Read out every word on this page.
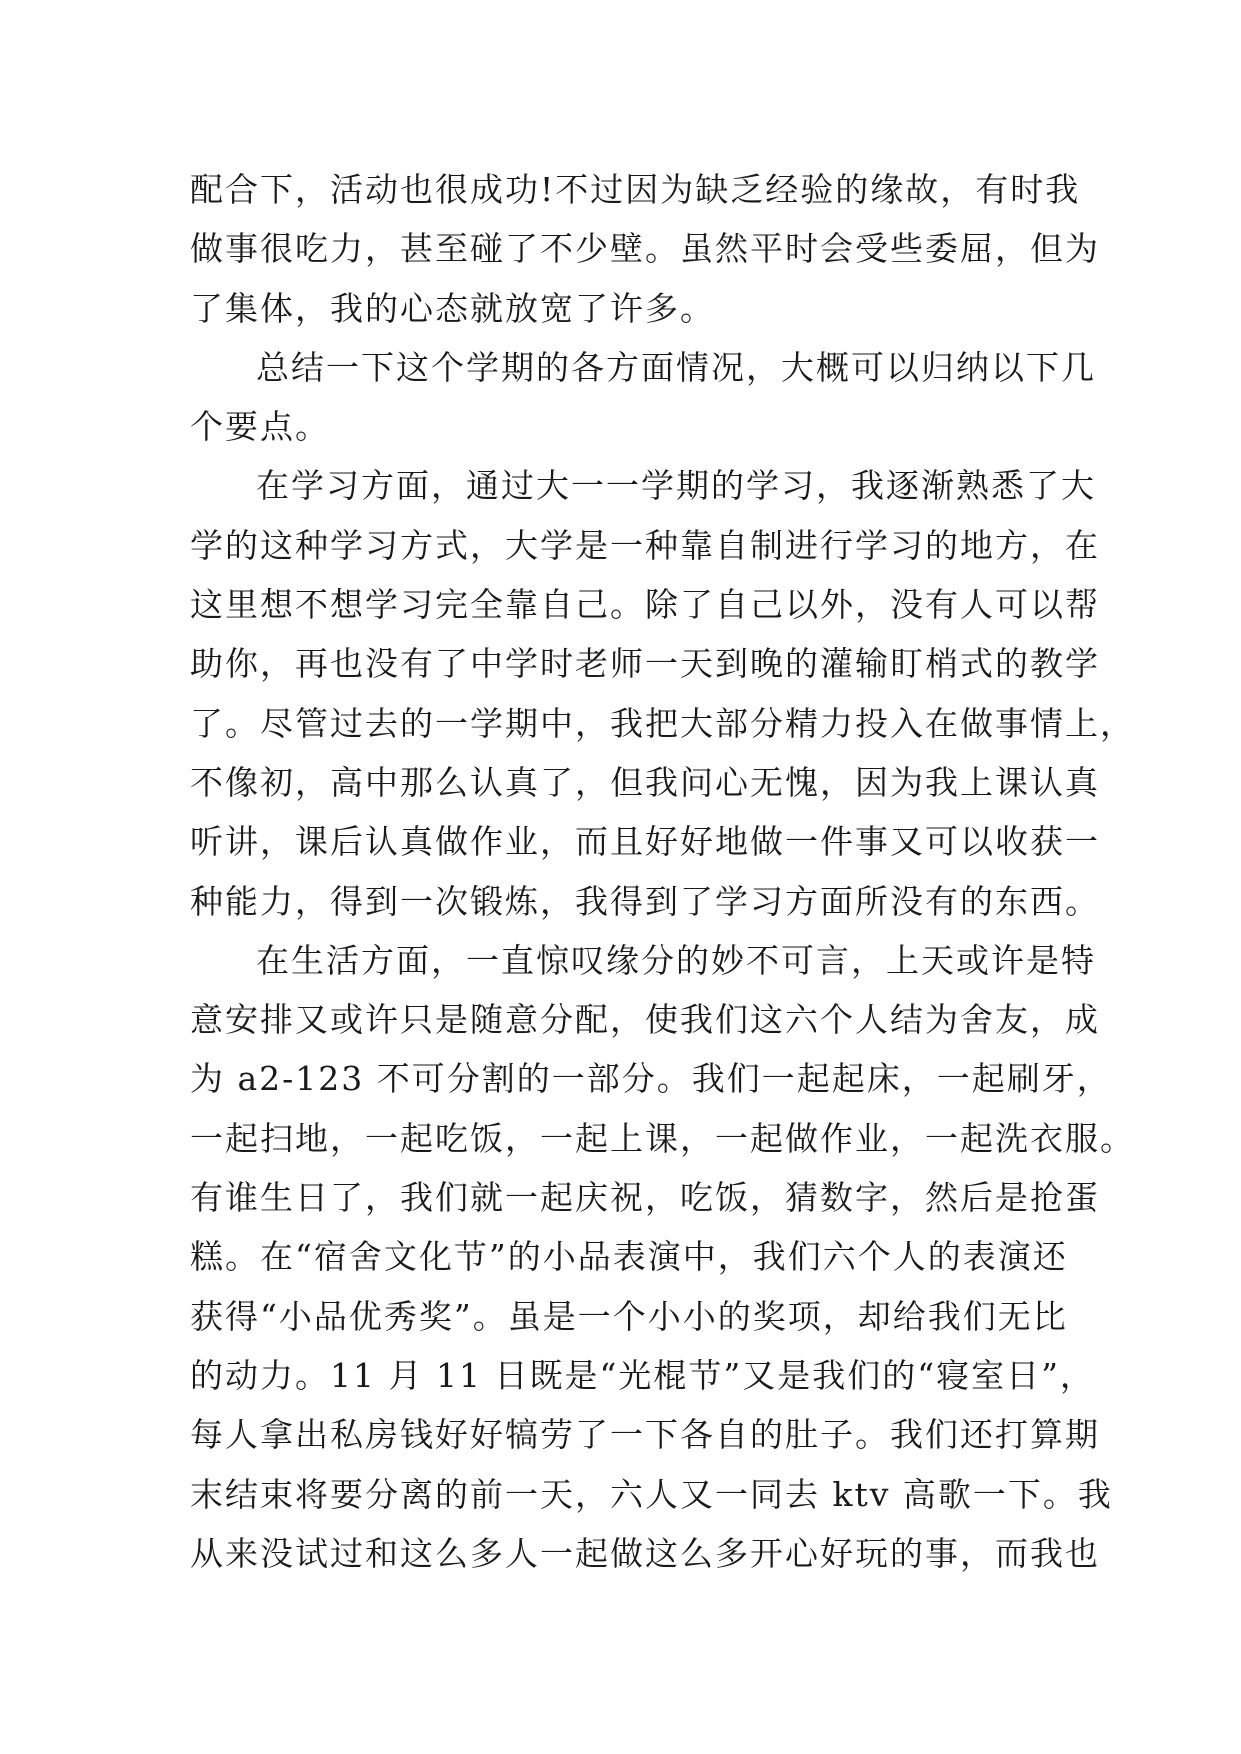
配合下，活动也很成功!不过因为缺乏经验的缘故，有时我
做事很吃力，甚至碰了不少壁。虽然平时会受些委屈，但为
了集体，我的心态就放宽了许多。
总结一下这个学期的各方面情况，大概可以归纳以下几
个要点。
在学习方面，通过大一一学期的学习，我逐渐熟悉了大
学的这种学习方式，大学是一种靠自制进行学习的地方，在
这里想不想学习完全靠自己。除了自己以外，没有人可以帮
助你，再也没有了中学时老师一天到晚的灌输盯梢式的教学
了。尽管过去的一学期中，我把大部分精力投入在做事情上，
不像初，高中那么认真了，但我问心无愧，因为我上课认真
听讲，课后认真做作业，而且好好地做一件事又可以收获一
种能力，得到一次锻炼，我得到了学习方面所没有的东西。
在生活方面，一直惊叹缘分的妙不可言，上天或许是特
意安排又或许只是随意分配，使我们这六个人结为舍友，成
为 a2-123 不可分割的一部分。我们一起起床，一起刷牙，
一起扫地，一起吃饭，一起上课，一起做作业，一起洗衣服。
有谁生日了，我们就一起庆祝，吃饭，猜数字，然后是抢蛋
糕。在“宿舍文化节”的小品表演中，我们六个人的表演还
获得“小品优秀奖”。虽是一个小小的奖项，却给我们无比
的动力。11 月 11 日既是“光棍节”又是我们的“寝室日”，
每人拿出私房钱好好犒劳了一下各自的肚子。我们还打算期
末结束将要分离的前一天，六人又一同去 ktv 高歌一下。我
从来没试过和这么多人一起做这么多开心好玩的事，而我也
